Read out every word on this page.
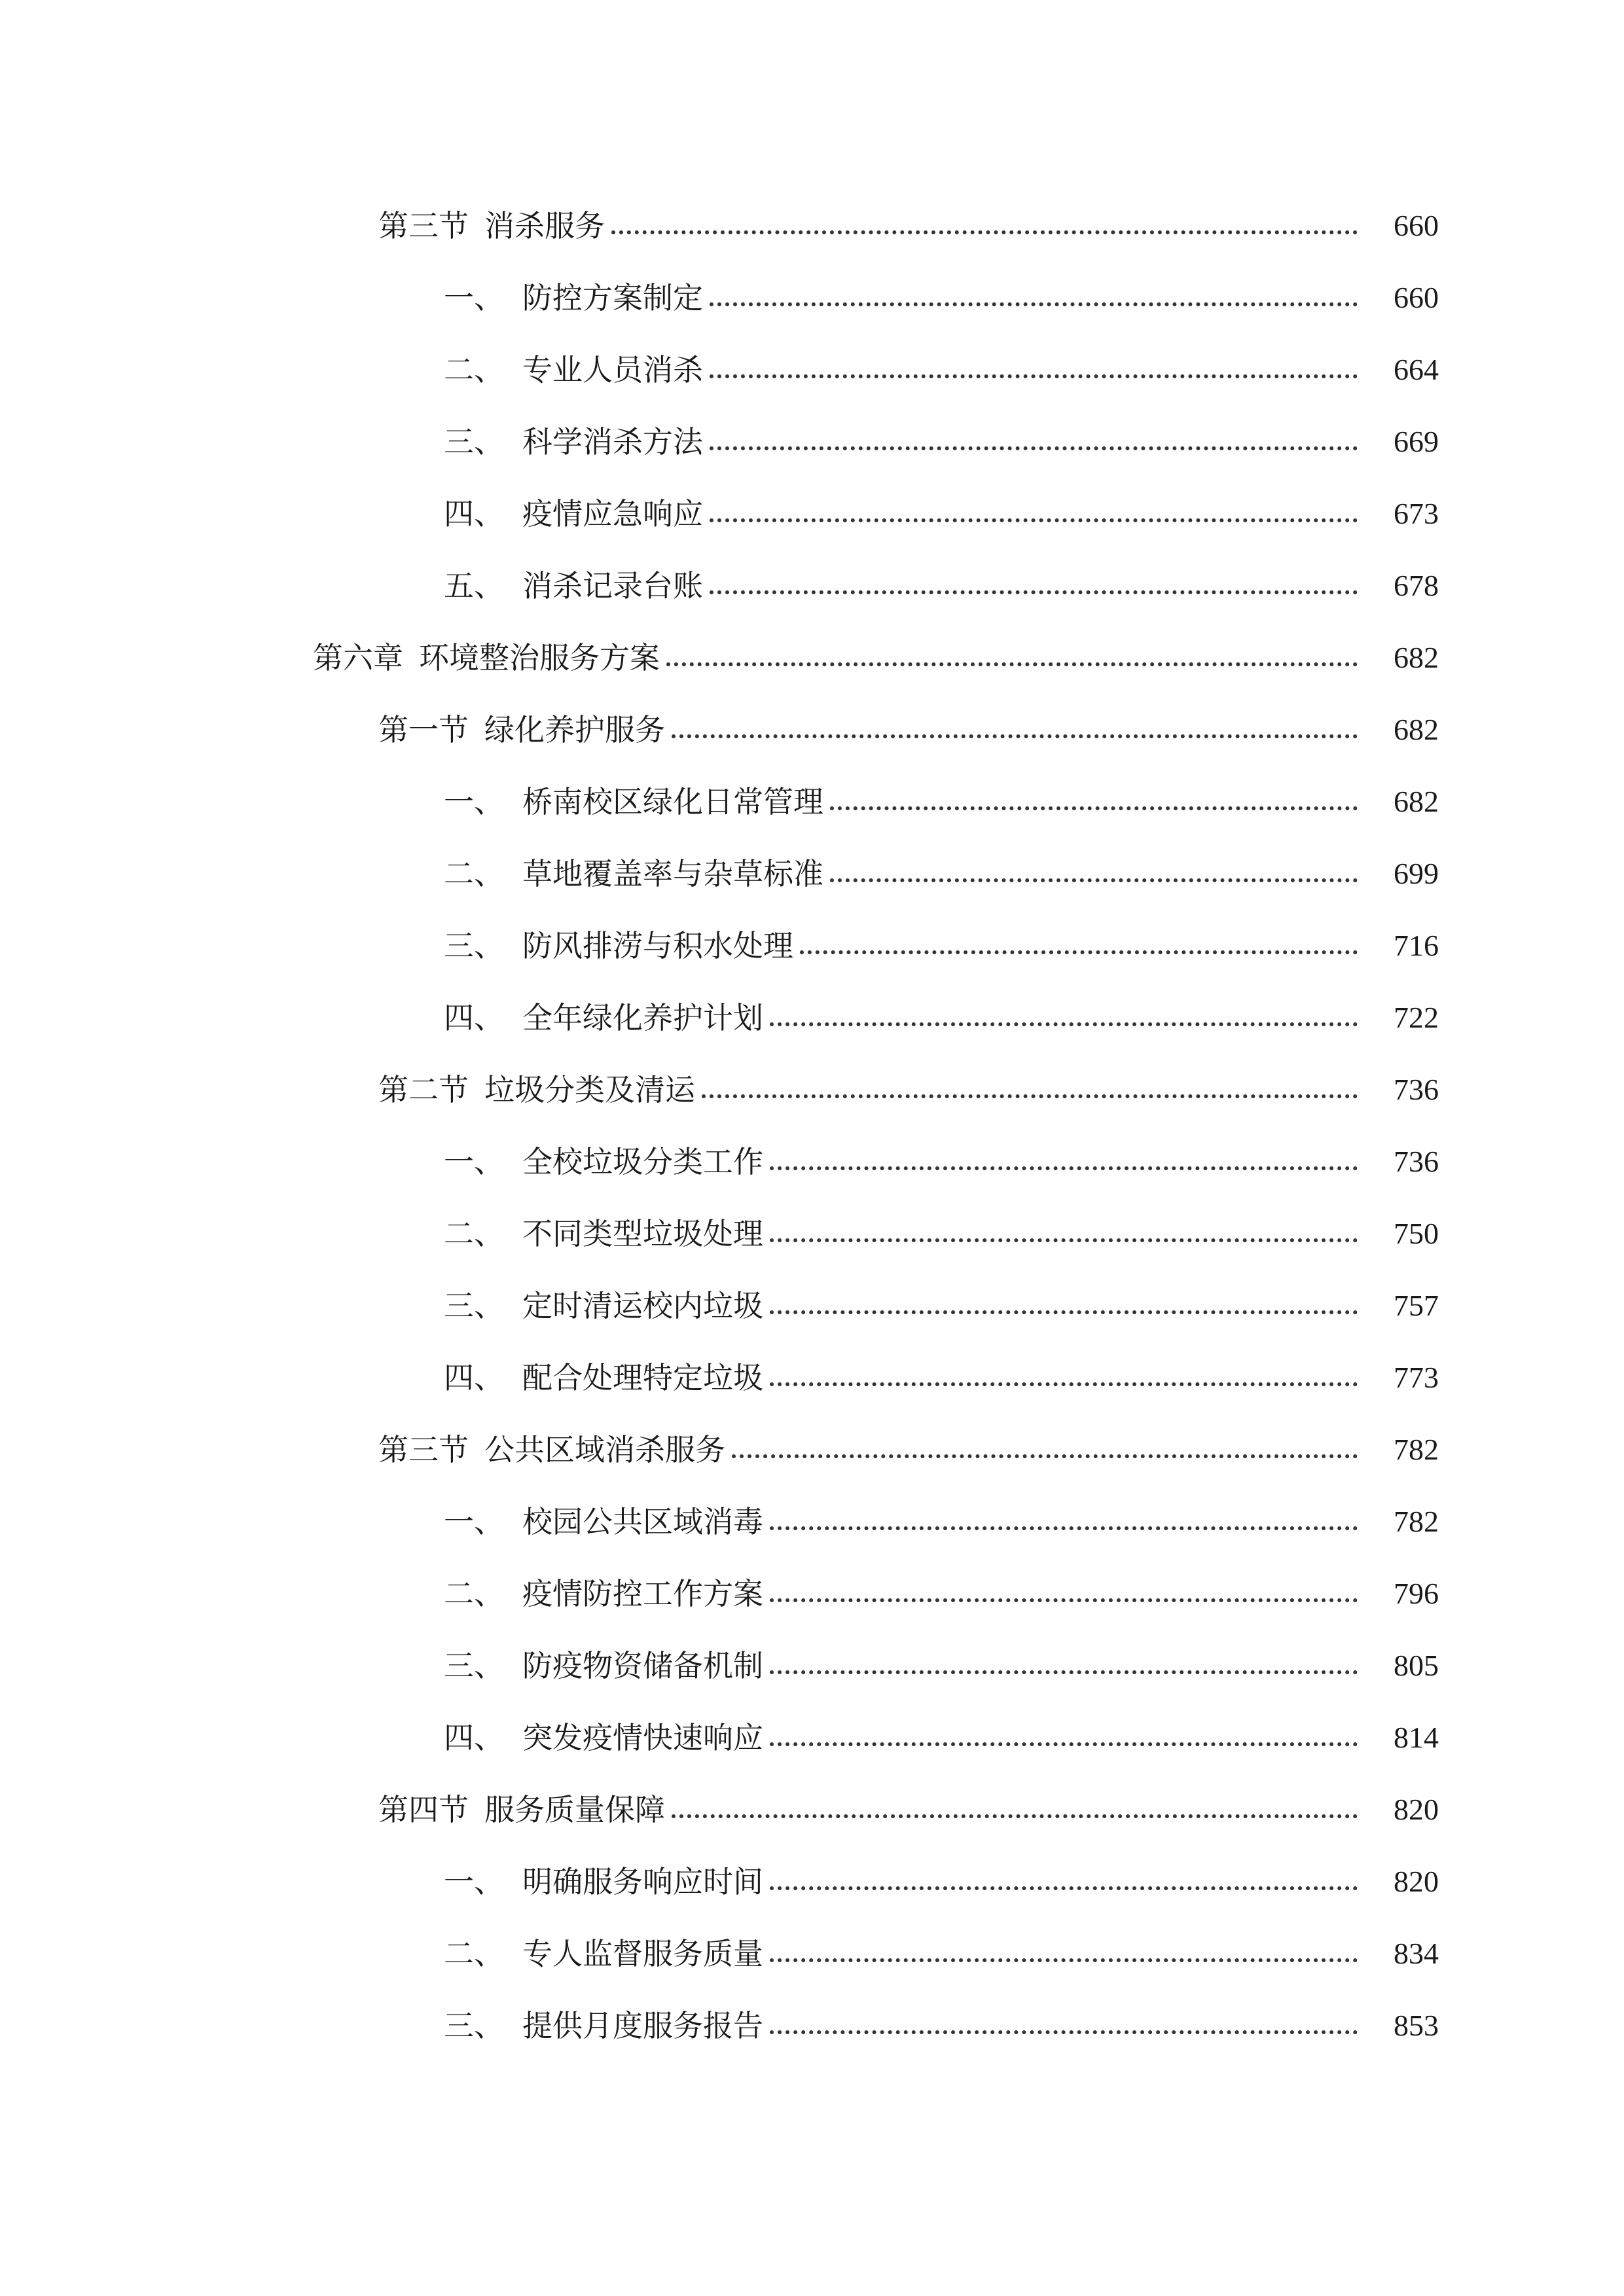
第三节 消杀服务	660
一、 防控方案制定	660
二、 专业人员消杀	664
三、 科学消杀方法	669
四、 疫情应急响应	673
五、 消杀记录台账	678
第六章 环境整治服务方案	682
第一节 绿化养护服务	682
一、 桥南校区绿化日常管理	682
二、 草地覆盖率与杂草标准	699
三、 防风排涝与积水处理	716
四、 全年绿化养护计划	722
第二节 垃圾分类及清运	736
一、 全校垃圾分类工作	736
二、 不同类型垃圾处理	750
三、 定时清运校内垃圾	757
四、 配合处理特定垃圾	773
第三节 公共区域消杀服务	782
一、 校园公共区域消毒	782
二、 疫情防控工作方案	796
三、 防疫物资储备机制	805
四、 突发疫情快速响应	814
第四节 服务质量保障	820
一、 明确服务响应时间	820
二、 专人监督服务质量	834
三、 提供月度服务报告	853
